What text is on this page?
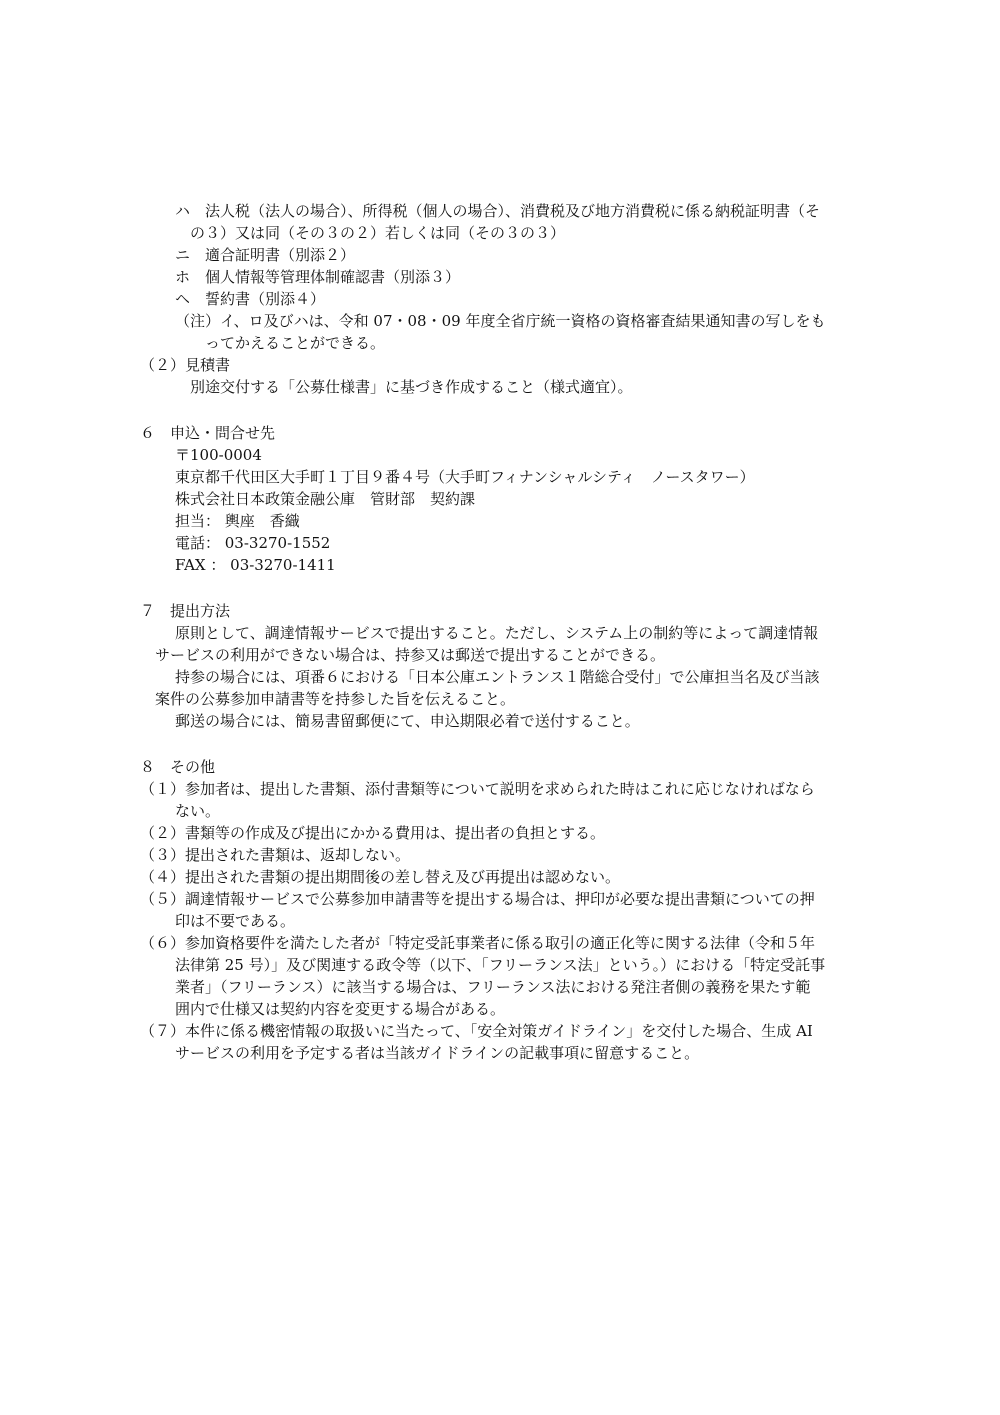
ハ　法人税（法人の場合）、所得税（個人の場合）、消費税及び地方消費税に係る納税証明書（そ
の３）又は同（その３の２）若しくは同（その３の３）
ニ　適合証明書（別添２）
ホ　個人情報等管理体制確認書（別添３）
ヘ　誓約書（別添４）
（注）イ、ロ及びハは、令和 07・08・09 年度全省庁統一資格の資格審査結果通知書の写しをも
ってかえることができる。
（２）見積書
別途交付する「公募仕様書」に基づき作成すること（様式適宜）。
６　申込・問合せ先
〒100-0004
東京都千代田区大手町１丁目９番４号（大手町フィナンシャルシティ　ノースタワー）
株式会社日本政策金融公庫　管財部　契約課
担当： 輿座　香織
電話： 03-3270-1552
FAX ： 03-3270-1411
７　提出方法
原則として、調達情報サービスで提出すること。ただし、システム上の制約等によって調達情報
サービスの利用ができない場合は、持参又は郵送で提出することができる。
持参の場合には、項番６における「日本公庫エントランス１階総合受付」で公庫担当名及び当該
案件の公募参加申請書等を持参した旨を伝えること。
郵送の場合には、簡易書留郵便にて、申込期限必着で送付すること。
８　その他
（１）参加者は、提出した書類、添付書類等について説明を求められた時はこれに応じなければなら
ない。
（２）書類等の作成及び提出にかかる費用は、提出者の負担とする。
（３）提出された書類は、返却しない。
（４）提出された書類の提出期間後の差し替え及び再提出は認めない。
（５）調達情報サービスで公募参加申請書等を提出する場合は、押印が必要な提出書類についての押
印は不要である。
（６）参加資格要件を満たした者が「特定受託事業者に係る取引の適正化等に関する法律（令和５年
法律第 25 号）」及び関連する政令等（以下、「フリーランス法」という。）における「特定受託事
業者」（フリーランス）に該当する場合は、フリーランス法における発注者側の義務を果たす範
囲内で仕様又は契約内容を変更する場合がある。
（７）本件に係る機密情報の取扱いに当たって、「安全対策ガイドライン」を交付した場合、生成 AI
サービスの利用を予定する者は当該ガイドラインの記載事項に留意すること。
